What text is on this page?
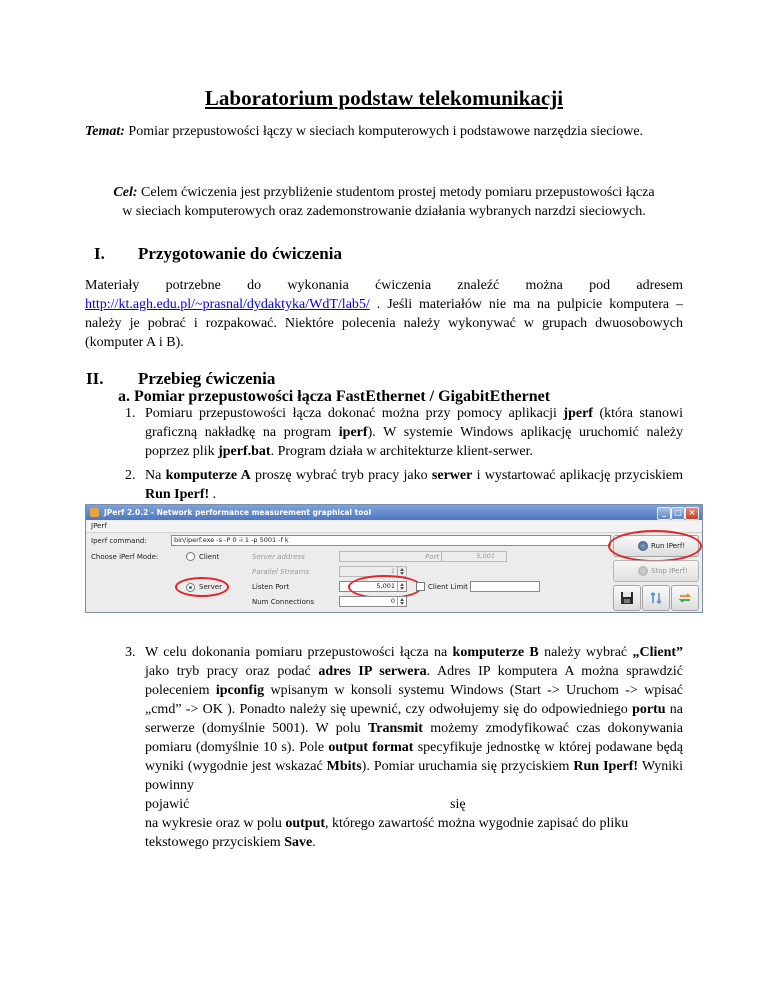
Laboratorium podstaw telekomunikacji
Temat: Pomiar przepustowości łączy w sieciach komputerowych i podstawowe narzędzia sieciowe.
Cel: Celem ćwiczenia jest przybliżenie studentom prostej metody pomiaru przepustowości łącza w sieciach komputerowych oraz zademonstrowanie działania wybranych narzdzi sieciowych.
I. Przygotowanie do ćwiczenia
Materiały potrzebne do wykonania ćwiczenia znaleźć można pod adresem
http://kt.agh.edu.pl/~prasnal/dydaktyka/WdT/lab5/ . Jeśli materiałów nie ma na pulpicie komputera – należy je pobrać i rozpakować. Niektóre polecenia należy wykonywać w grupach dwuosobowych (komputer A i B).
II. Przebieg ćwiczenia
a. Pomiar przepustowości łącza FastEthernet / GigabitEthernet
1. Pomiaru przepustowości łącza dokonać można przy pomocy aplikacji jperf (która stanowi graficzną nakładkę na program iperf). W systemie Windows aplikację uruchomić należy poprzez plik jperf.bat. Program działa w architekturze klient-serwer.
2. Na komputerze A proszę wybrać tryb pracy jako serwer i wystartować aplikację przyciskiem Run Iperf! .
JPerf 2.0.2 - Network performance measurement graphical tool	_	□ ×
JPerf
Iperf command:	bin/iperf.exe -s -P 0 -i 1 -p 5001 -f k
Choose iPerf Mode:	Client	Server address	Port	5,001
Parallel Streams	1
Server	Listen Port	5,001	Client Limit
Num Connections	0
Run IPerf!
Stop IPerf!
3. W celu dokonania pomiaru przepustowości łącza na komputerze B należy wybrać „Client” jako tryb pracy oraz podać adres IP serwera. Adres IP komputera A można sprawdzić poleceniem ipconfig wpisanym w konsoli systemu Windows (Start -> Uruchom -> wpisać „cmd” -> OK ). Ponadto należy się upewnić, czy odwołujemy się do odpowiedniego portu na serwerze (domyślnie 5001). W polu Transmit możemy zmodyfikować czas dokonywania pomiaru (domyślnie 10 s). Pole output format specyfikuje jednostkę w której podawane będą wyniki (wygodnie jest wskazać Mbits). Pomiar uruchamia się przyciskiem Run Iperf! Wyniki powinny
pojawić	się
na wykresie oraz w polu output, którego zawartość można wygodnie zapisać do pliku tekstowego przyciskiem Save.
